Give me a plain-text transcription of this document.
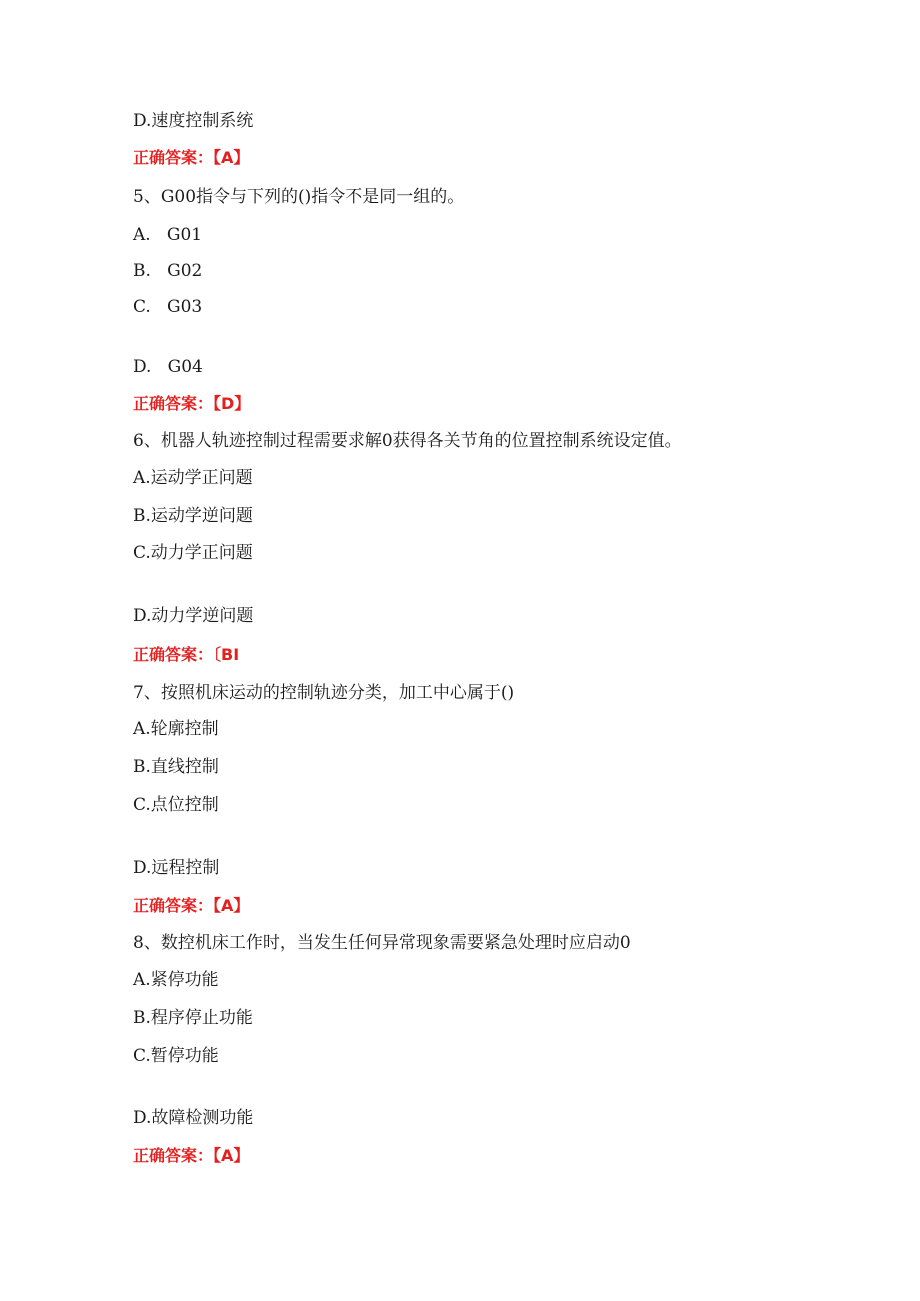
D.速度控制系统
正确答案：【A】
5、G00指令与下列的()指令不是同一组的。
A.   G01
B.   G02
C.   G03
D.   G04
正确答案：【D】
6、机器人轨迹控制过程需要求解0获得各关节角的位置控制系统设定值。
A.运动学正问题
B.运动学逆问题
C.动力学正问题
D.动力学逆问题
正确答案：〔BI
7、按照机床运动的控制轨迹分类，加工中心属于()
A.轮廓控制
B.直线控制
C.点位控制
D.远程控制
正确答案：【A】
8、数控机床工作时，当发生任何异常现象需要紧急处理时应启动0
A.紧停功能
B.程序停止功能
C.暂停功能
D.故障检测功能
正确答案：【A】
